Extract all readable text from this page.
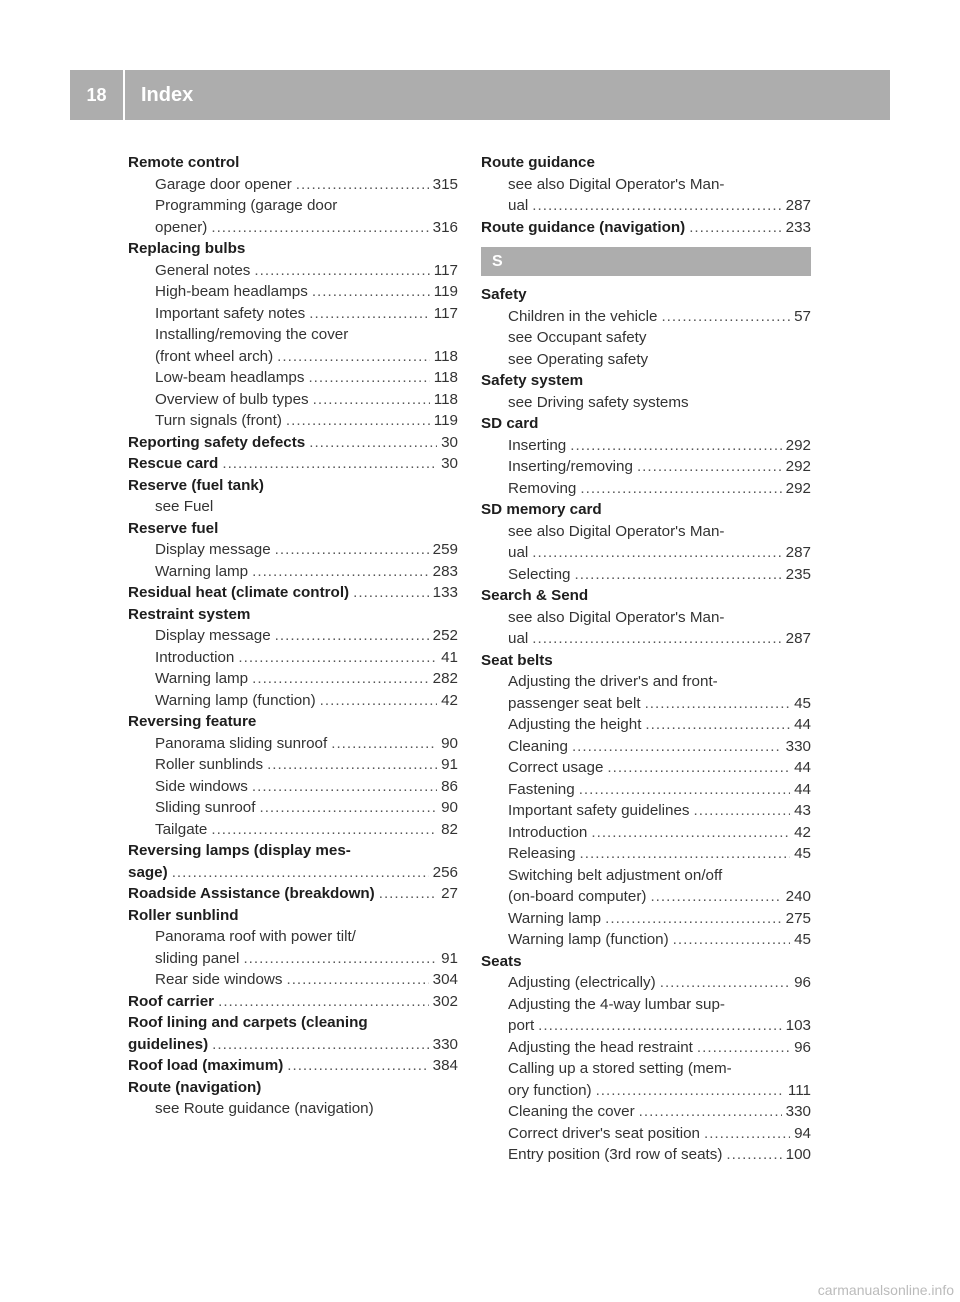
18	Index
Remote control
Garage door opener .....	315
Programming (garage door
opener) .....	316
Replacing bulbs
General notes .....	117
High-beam headlamps .....	119
Important safety notes .....	117
Installing/removing the cover
(front wheel arch) .....	118
Low-beam headlamps .....	118
Overview of bulb types .....	118
Turn signals (front) .....	119
Reporting safety defects .....	30
Rescue card .....	30
Reserve (fuel tank)
see Fuel
Reserve fuel
Display message .....	259
Warning lamp .....	283
Residual heat (climate control) .....	133
Restraint system
Display message .....	252
Introduction .....	41
Warning lamp .....	282
Warning lamp (function) .....	42
Reversing feature
Panorama sliding sunroof .....	90
Roller sunblinds .....	91
Side windows .....	86
Sliding sunroof .....	90
Tailgate .....	82
Reversing lamps (display mes-
sage) .....	256
Roadside Assistance (breakdown) .....	27
Roller sunblind
Panorama roof with power tilt/
sliding panel .....	91
Rear side windows .....	304
Roof carrier .....	302
Roof lining and carpets (cleaning
guidelines) .....	330
Roof load (maximum) .....	384
Route (navigation)
see Route guidance (navigation)
Route guidance
see also Digital Operator's Man-
ual .....	287
Route guidance (navigation) .....	233
S
Safety
Children in the vehicle .....	57
see Occupant safety
see Operating safety
Safety system
see Driving safety systems
SD card
Inserting .....	292
Inserting/removing .....	292
Removing .....	292
SD memory card
see also Digital Operator's Man-
ual .....	287
Selecting .....	235
Search & Send
see also Digital Operator's Man-
ual .....	287
Seat belts
Adjusting the driver's and front-
passenger seat belt .....	45
Adjusting the height .....	44
Cleaning .....	330
Correct usage .....	44
Fastening .....	44
Important safety guidelines .....	43
Introduction .....	42
Releasing .....	45
Switching belt adjustment on/off
(on-board computer) .....	240
Warning lamp .....	275
Warning lamp (function) .....	45
Seats
Adjusting (electrically) .....	96
Adjusting the 4-way lumbar sup-
port .....	103
Adjusting the head restraint .....	96
Calling up a stored setting (mem-
ory function) .....	111
Cleaning the cover .....	330
Correct driver's seat position .....	94
Entry position (3rd row of seats) .....	100
carmanualsonline.info
